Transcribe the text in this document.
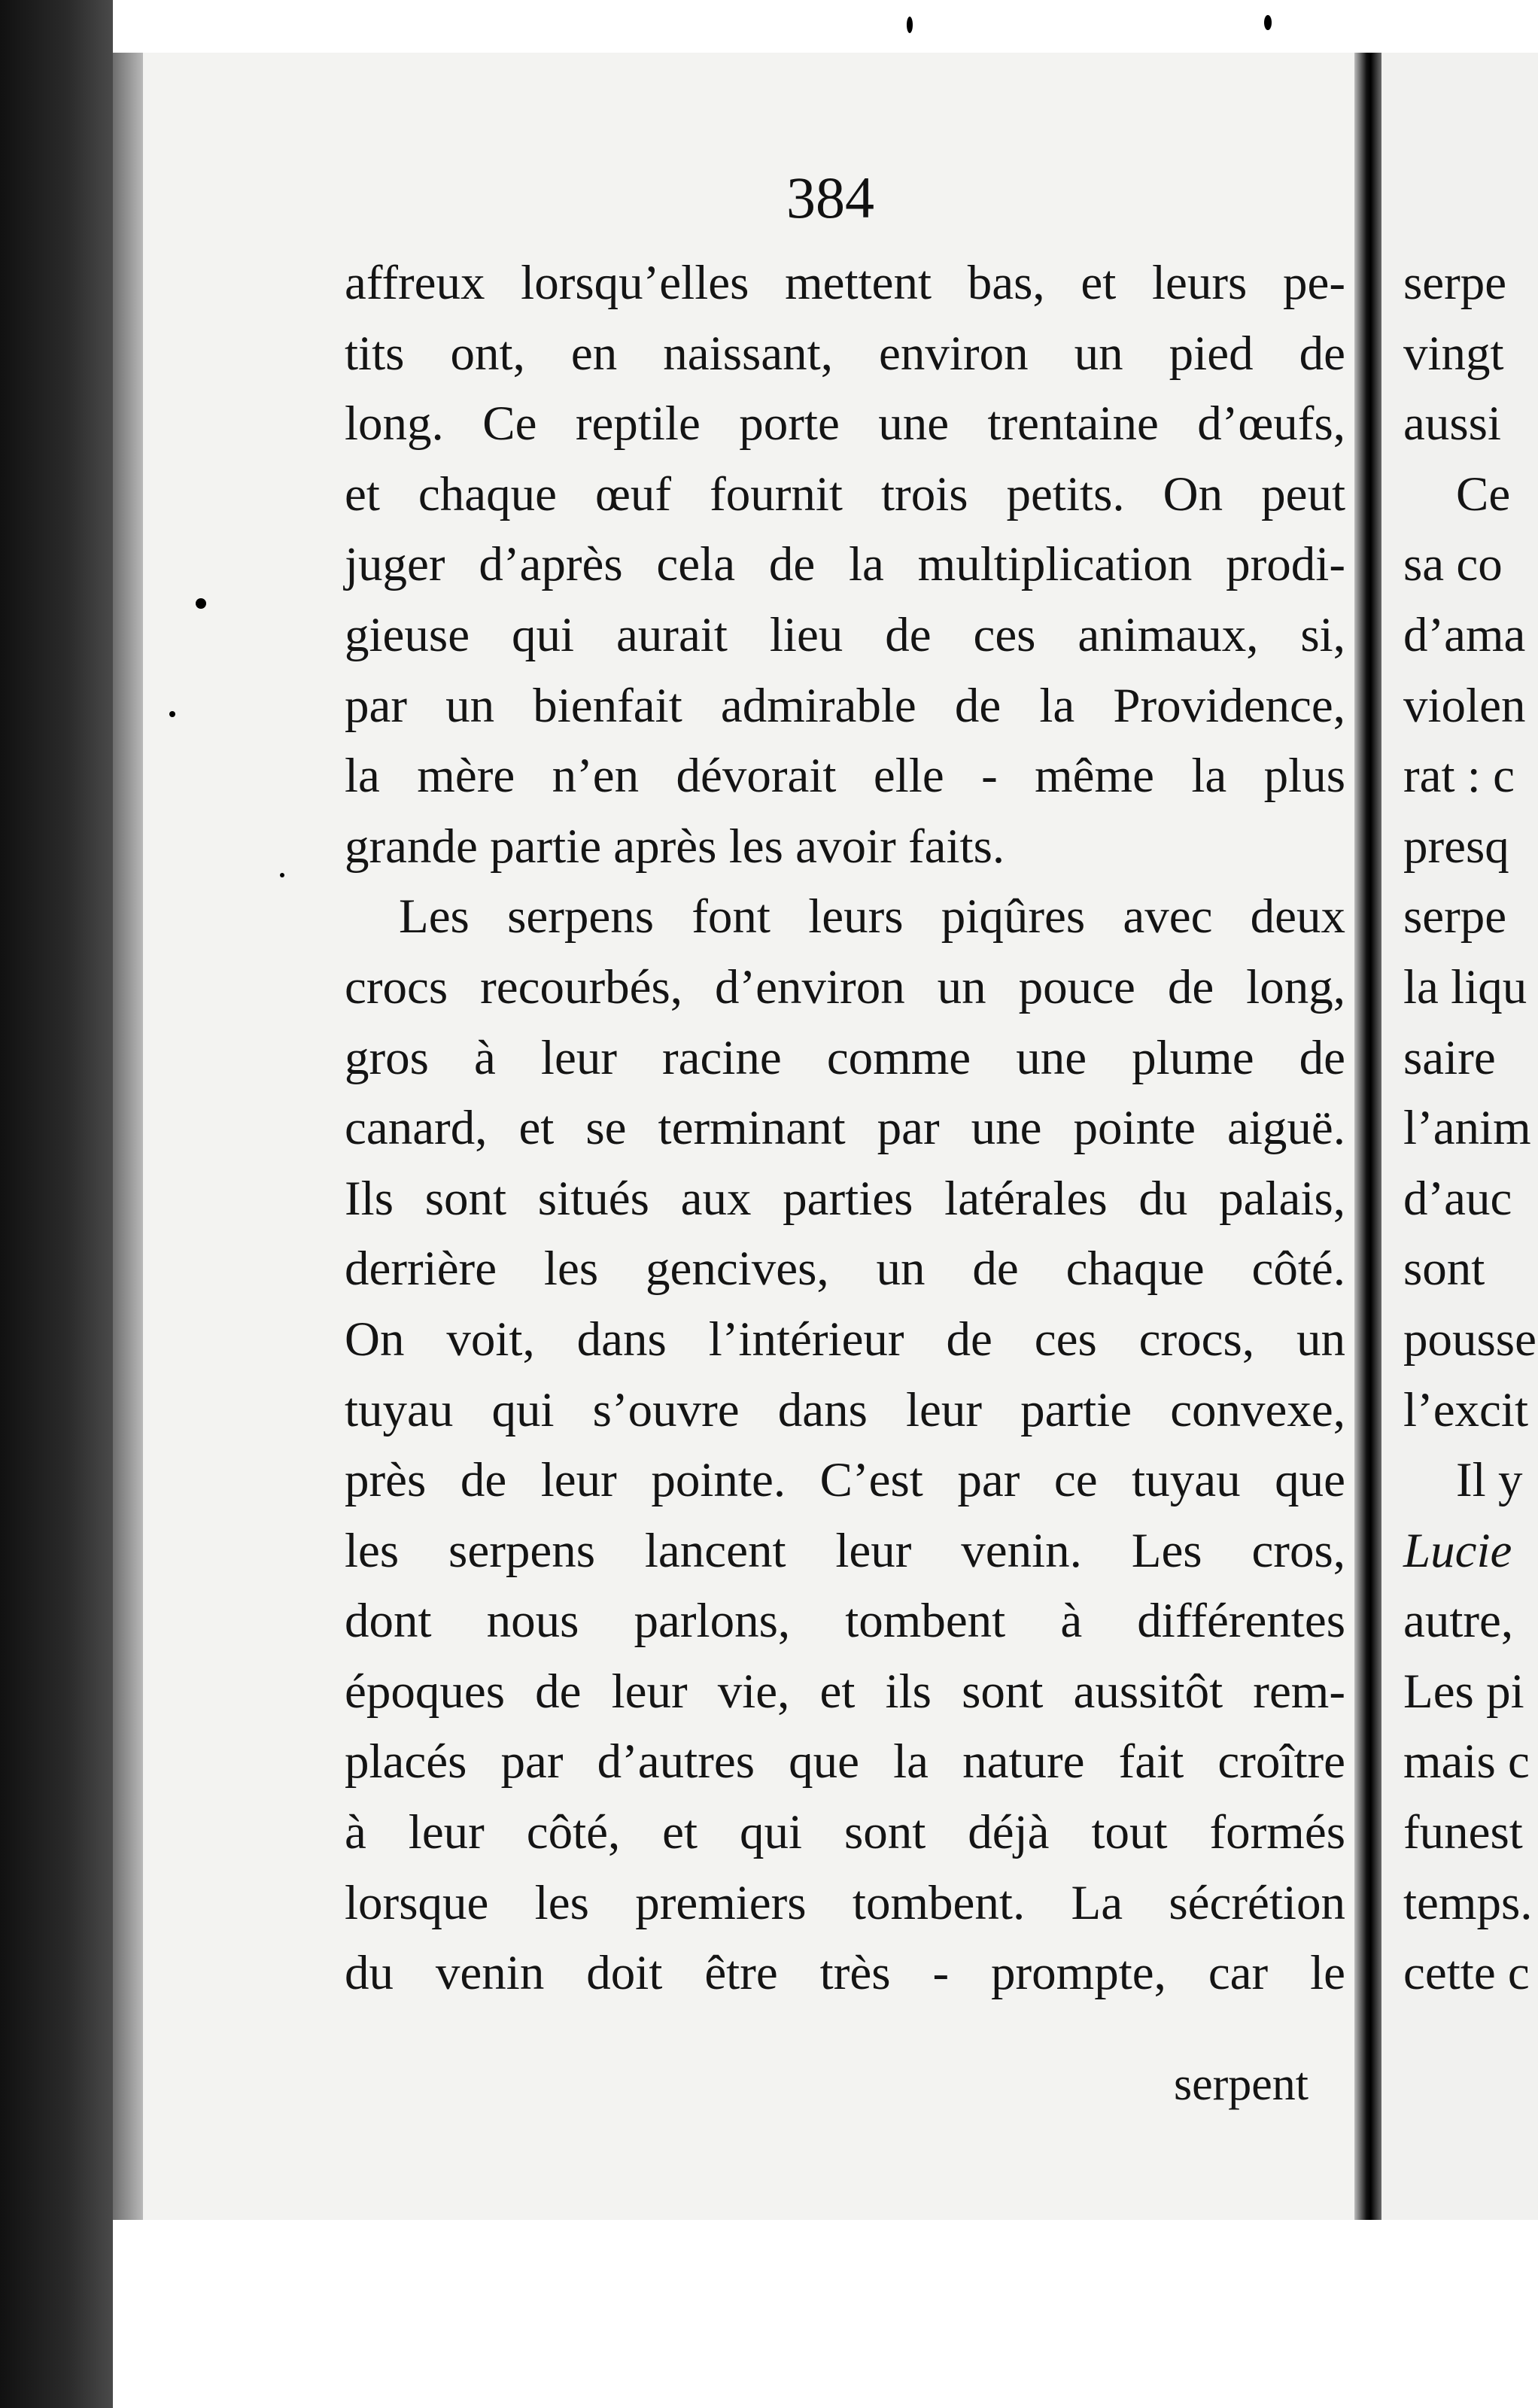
384
affreux lorsqu’elles mettent bas, et leurs pe-
tits ont, en naissant, environ un pied de
long. Ce reptile porte une trentaine d’œufs,
et chaque œuf fournit trois petits. On peut
juger d’après cela de la multiplication prodi-
gieuse qui aurait lieu de ces animaux, si,
par un bienfait admirable de la Providence,
la mère n’en dévorait elle - même la plus
grande partie après les avoir faits.
Les serpens font leurs piqûres avec deux
crocs recourbés, d’environ un pouce de long,
gros à leur racine comme une plume de
canard, et se terminant par une pointe aiguë.
Ils sont situés aux parties latérales du palais,
derrière les gencives, un de chaque côté.
On voit, dans l’intérieur de ces crocs, un
tuyau qui s’ouvre dans leur partie convexe,
près de leur pointe. C’est par ce tuyau que
les serpens lancent leur venin. Les cros,
dont nous parlons, tombent à différentes
époques de leur vie, et ils sont aussitôt rem-
placés par d’autres que la nature fait croître
à leur côté, et qui sont déjà tout formés
lorsque les premiers tombent. La sécrétion
du venin doit être très - prompte, car le
serpent
serpe
vingt
aussi
Ce
sa co
d’ama
violen
rat : c
presq
serpe
la liqu
saire
l’anim
d’auc
sont
pousse
l’excit
Il y
Lucie
autre,
Les pi
mais c
funest
temps.
cette c
